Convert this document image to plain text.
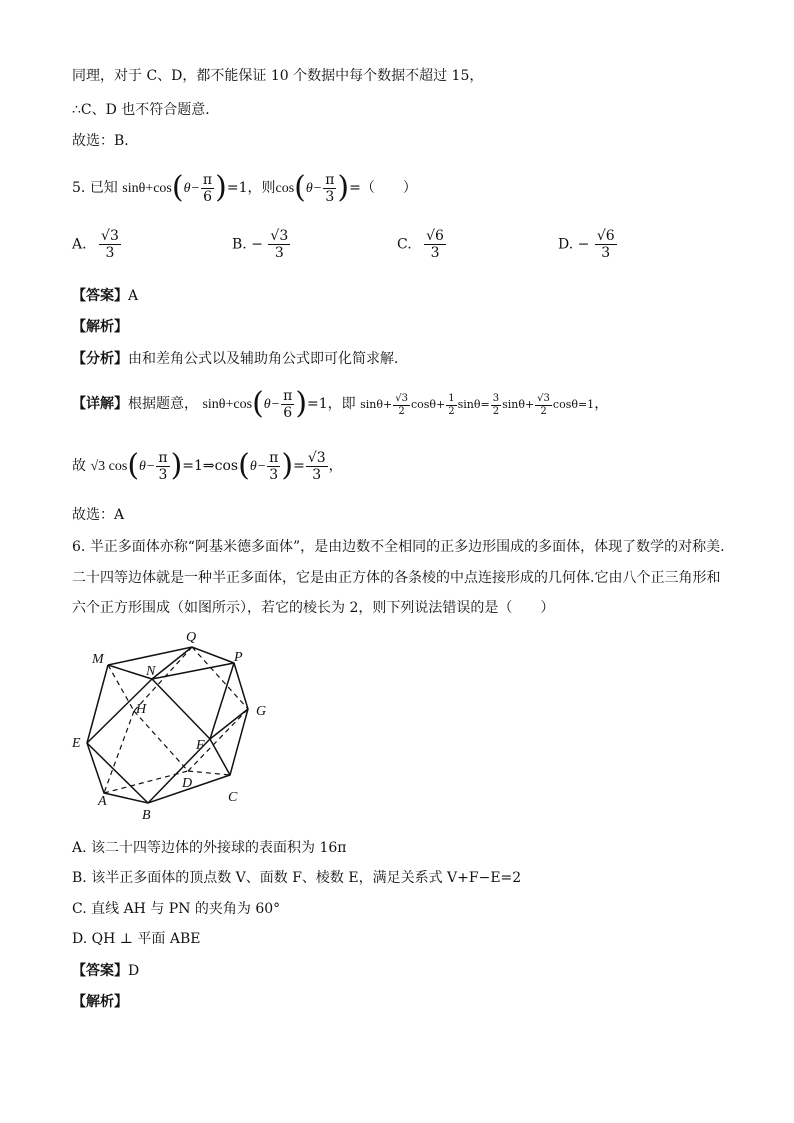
同理，对于 C、D，都不能保证 10 个数据中每个数据不超过 15，
∴C、D 也不符合题意．
故选：B．
5. 已知 $\sin\theta+\cos(\theta- \frac{\pi}{6} )=1$，则$\cos(\theta- \frac{\pi}{3}$ )=（　　）
A. $\frac{√3}{3}$	B. − $\frac{√3}{3}$	C. $\frac{√6}{3}$	D. − $\frac{√6}{3}$
【答案】A
【解析】
【分析】由和差角公式以及辅助角公式即可化简求解．
【详解】根据题意， $\sin\theta+\cos(\theta- \frac{\pi}{6} )=1$，即 $\sin\theta+ \frac{√3}{2} \cos\theta+ \frac{1}{2} \sin\theta= \frac{3}{2} \sin\theta+ \frac{√3}{2} \cos\theta=1$，
故 √3 $\cos(\theta- \frac{\pi}{3}$ )=1⇒cos(θ− $\frac{\pi}{3}$ )= $\frac{√3}{3}$ ，
故选：A
6. 半正多面体亦称“阿基米德多面体”，是由边数不全相同的正多边形围成的多面体，体现了数学的对称美.
二十四等边体就是一种半正多面体，它是由正方体的各条棱的中点连接形成的几何体.它由八个正三角形和
六个正方形围成（如图所示），若它的棱长为 2，则下列说法错误的是（　　）
Q
M
N
P
H	G
E	F
D
A
B
C
A. 该二十四等边体的外接球的表面积为 16π
B. 该半正多面体的顶点数 V、面数 F、棱数 E，满足关系式 V+F−E=2
C. 直线 AH 与 PN 的夹角为 60°
D. QH ⊥ 平面 ABE
【答案】D
【解析】
